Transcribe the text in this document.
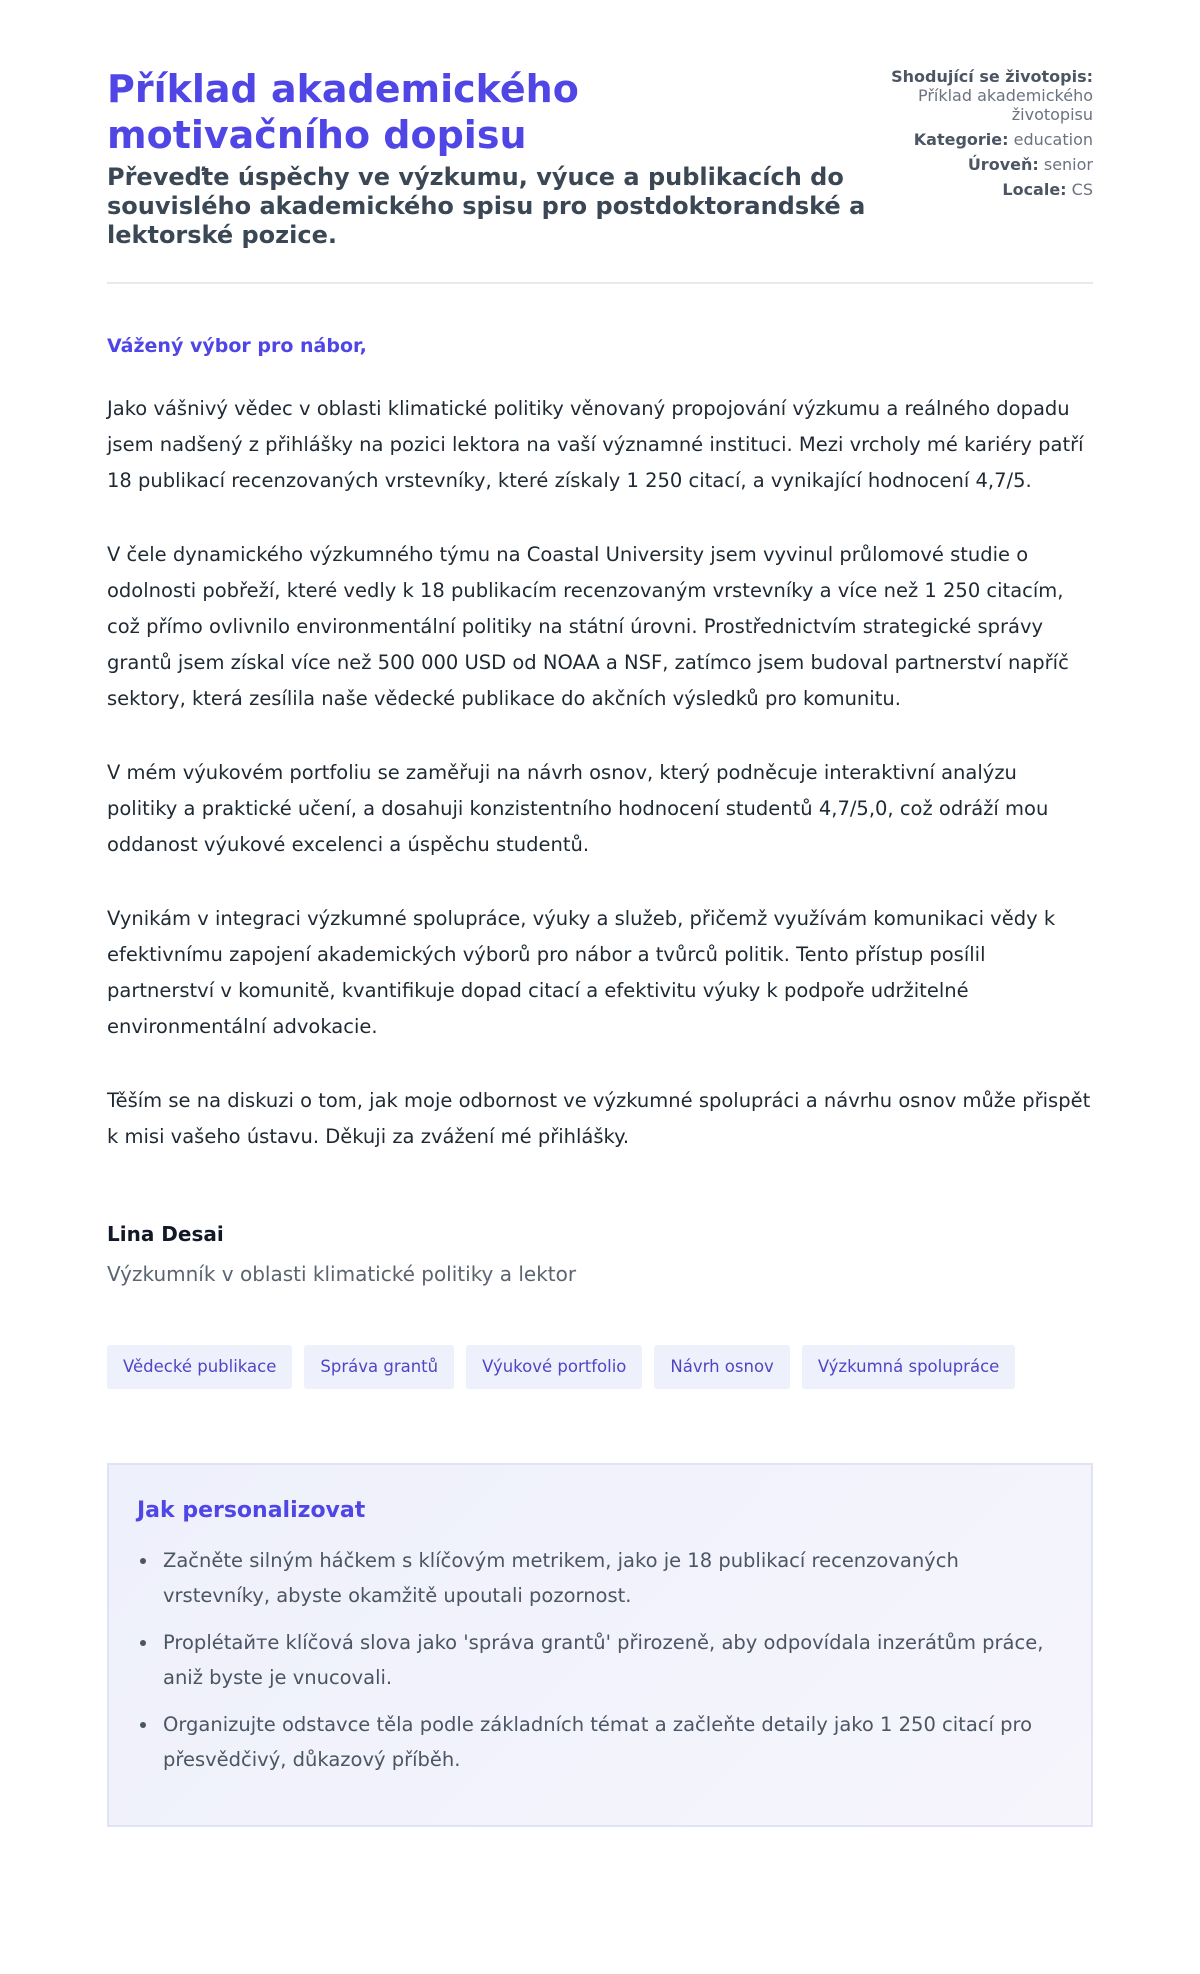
Příklad akademického motivačního dopisu
Převeďte úspěchy ve výzkumu, výuce a publikacích do souvislého akademického spisu pro postdoktorandské a lektorské pozice.
Shodující se životopis: Příklad akademického životopisu
Kategorie: education
Úroveň: senior
Locale: CS

Vážený výbor pro nábor,

Jako vášnivý vědec v oblasti klimatické politiky věnovaný propojování výzkumu a reálného dopadu jsem nadšený z přihlášky na pozici lektora na vaší významné instituci. Mezi vrcholy mé kariéry patří 18 publikací recenzovaných vrstevníky, které získaly 1 250 citací, a vynikající hodnocení 4,7/5.

V čele dynamického výzkumného týmu na Coastal University jsem vyvinul průlomové studie o odolnosti pobřeží, které vedly k 18 publikacím recenzovaným vrstevníky a více než 1 250 citacím, což přímo ovlivnilo environmentální politiky na státní úrovni. Prostřednictvím strategické správy grantů jsem získal více než 500 000 USD od NOAA a NSF, zatímco jsem budoval partnerství napříč sektory, která zesílila naše vědecké publikace do akčních výsledků pro komunitu.

V mém výukovém portfoliu se zaměřuji na návrh osnov, který podněcuje interaktivní analýzu politiky a praktické učení, a dosahuji konzistentního hodnocení studentů 4,7/5,0, což odráží mou oddanost výukové excelenci a úspěchu studentů.

Vynikám v integraci výzkumné spolupráce, výuky a služeb, přičemž využívám komunikaci vědy k efektivnímu zapojení akademických výborů pro nábor a tvůrců politik. Tento přístup posílil partnerství v komunitě, kvantifikuje dopad citací a efektivitu výuky k podpoře udržitelné environmentální advokacie.

Těším se na diskuzi o tom, jak moje odbornost ve výzkumné spolupráci a návrhu osnov může přispět k misi vašeho ústavu. Děkuji za zvážení mé přihlášky.

Lina Desai
Výzkumník v oblasti klimatické politiky a lektor
Vědecké publikace	Správa grantů	Výukové portfolio	Návrh osnov	Výzkumná spolupráce
Jak personalizovat
Začněte silným háčkem s klíčovým metrikem, jako je 18 publikací recenzovaných vrstevníky, abyste okamžitě upoutali pozornost.
Proplétaйте klíčová slova jako 'správa grantů' přirozeně, aby odpovídala inzerátům práce, aniž byste je vnucovali.
Organizujte odstavce těla podle základních témat a začleňte detaily jako 1 250 citací pro přesvědčivý, důkazový příběh.
